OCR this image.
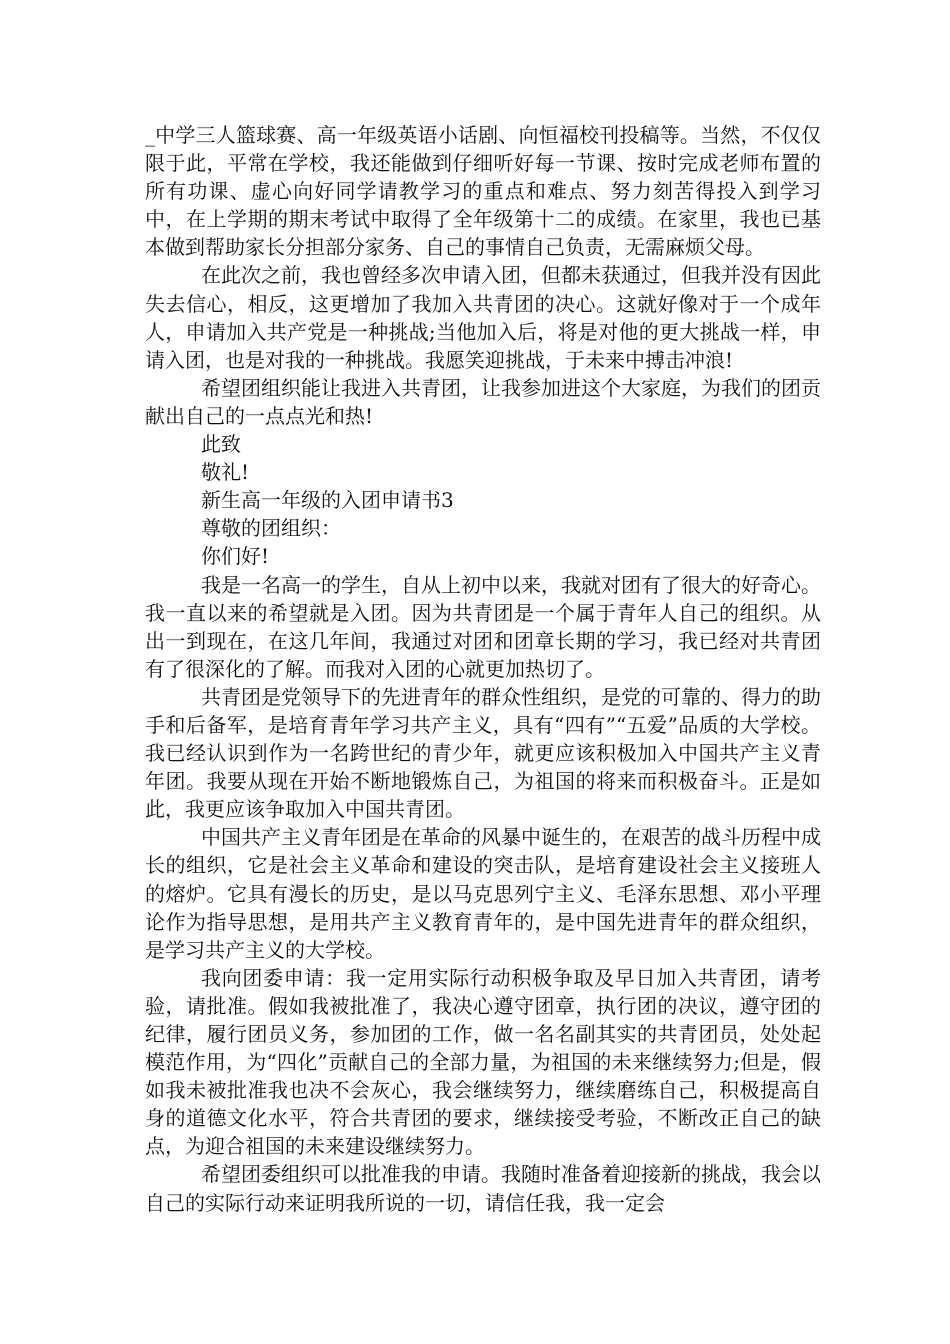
_中学三人篮球赛、高一年级英语小话剧、向恒福校刊投稿等。当然，不仅仅限于此，平常在学校，我还能做到仔细听好每一节课、按时完成老师布置的所有功课、虚心向好同学请教学习的重点和难点、努力刻苦得投入到学习中，在上学期的期末考试中取得了全年级第十二的成绩。在家里，我也已基本做到帮助家长分担部分家务、自己的事情自己负责，无需麻烦父母。

在此次之前，我也曾经多次申请入团，但都未获通过，但我并没有因此失去信心，相反，这更增加了我加入共青团的决心。这就好像对于一个成年人，申请加入共产党是一种挑战;当他加入后，将是对他的更大挑战一样，申请入团，也是对我的一种挑战。我愿笑迎挑战，于未来中搏击冲浪!

希望团组织能让我进入共青团，让我参加进这个大家庭，为我们的团贡献出自己的一点点光和热!

此致

敬礼!

新生高一年级的入团申请书3

尊敬的团组织：

你们好!

我是一名高一的学生，自从上初中以来，我就对团有了很大的好奇心。我一直以来的希望就是入团。因为共青团是一个属于青年人自己的组织。从出一到现在，在这几年间，我通过对团和团章长期的学习，我已经对共青团有了很深化的了解。而我对入团的心就更加热切了。

共青团是党领导下的先进青年的群众性组织，是党的可靠的、得力的助手和后备军，是培育青年学习共产主义，具有“四有”“五爱”品质的大学校。我已经认识到作为一名跨世纪的青少年，就更应该积极加入中国共产主义青年团。我要从现在开始不断地锻炼自己，为祖国的将来而积极奋斗。正是如此，我更应该争取加入中国共青团。

中国共产主义青年团是在革命的风暴中诞生的，在艰苦的战斗历程中成长的组织，它是社会主义革命和建设的突击队，是培育建设社会主义接班人的熔炉。它具有漫长的历史，是以马克思列宁主义、毛泽东思想、邓小平理论作为指导思想，是用共产主义教育青年的，是中国先进青年的群众组织，是学习共产主义的大学校。

我向团委申请：我一定用实际行动积极争取及早日加入共青团，请考验，请批准。假如我被批准了，我决心遵守团章，执行团的决议，遵守团的纪律，履行团员义务，参加团的工作，做一名名副其实的共青团员，处处起模范作用，为“四化”贡献自己的全部力量，为祖国的未来继续努力;但是，假如我未被批准我也决不会灰心，我会继续努力，继续磨练自己，积极提高自身的道德文化水平，符合共青团的要求，继续接受考验，不断改正自己的缺点，为迎合祖国的未来建设继续努力。

希望团委组织可以批准我的申请。我随时准备着迎接新的挑战，我会以自己的实际行动来证明我所说的一切，请信任我，我一定会
